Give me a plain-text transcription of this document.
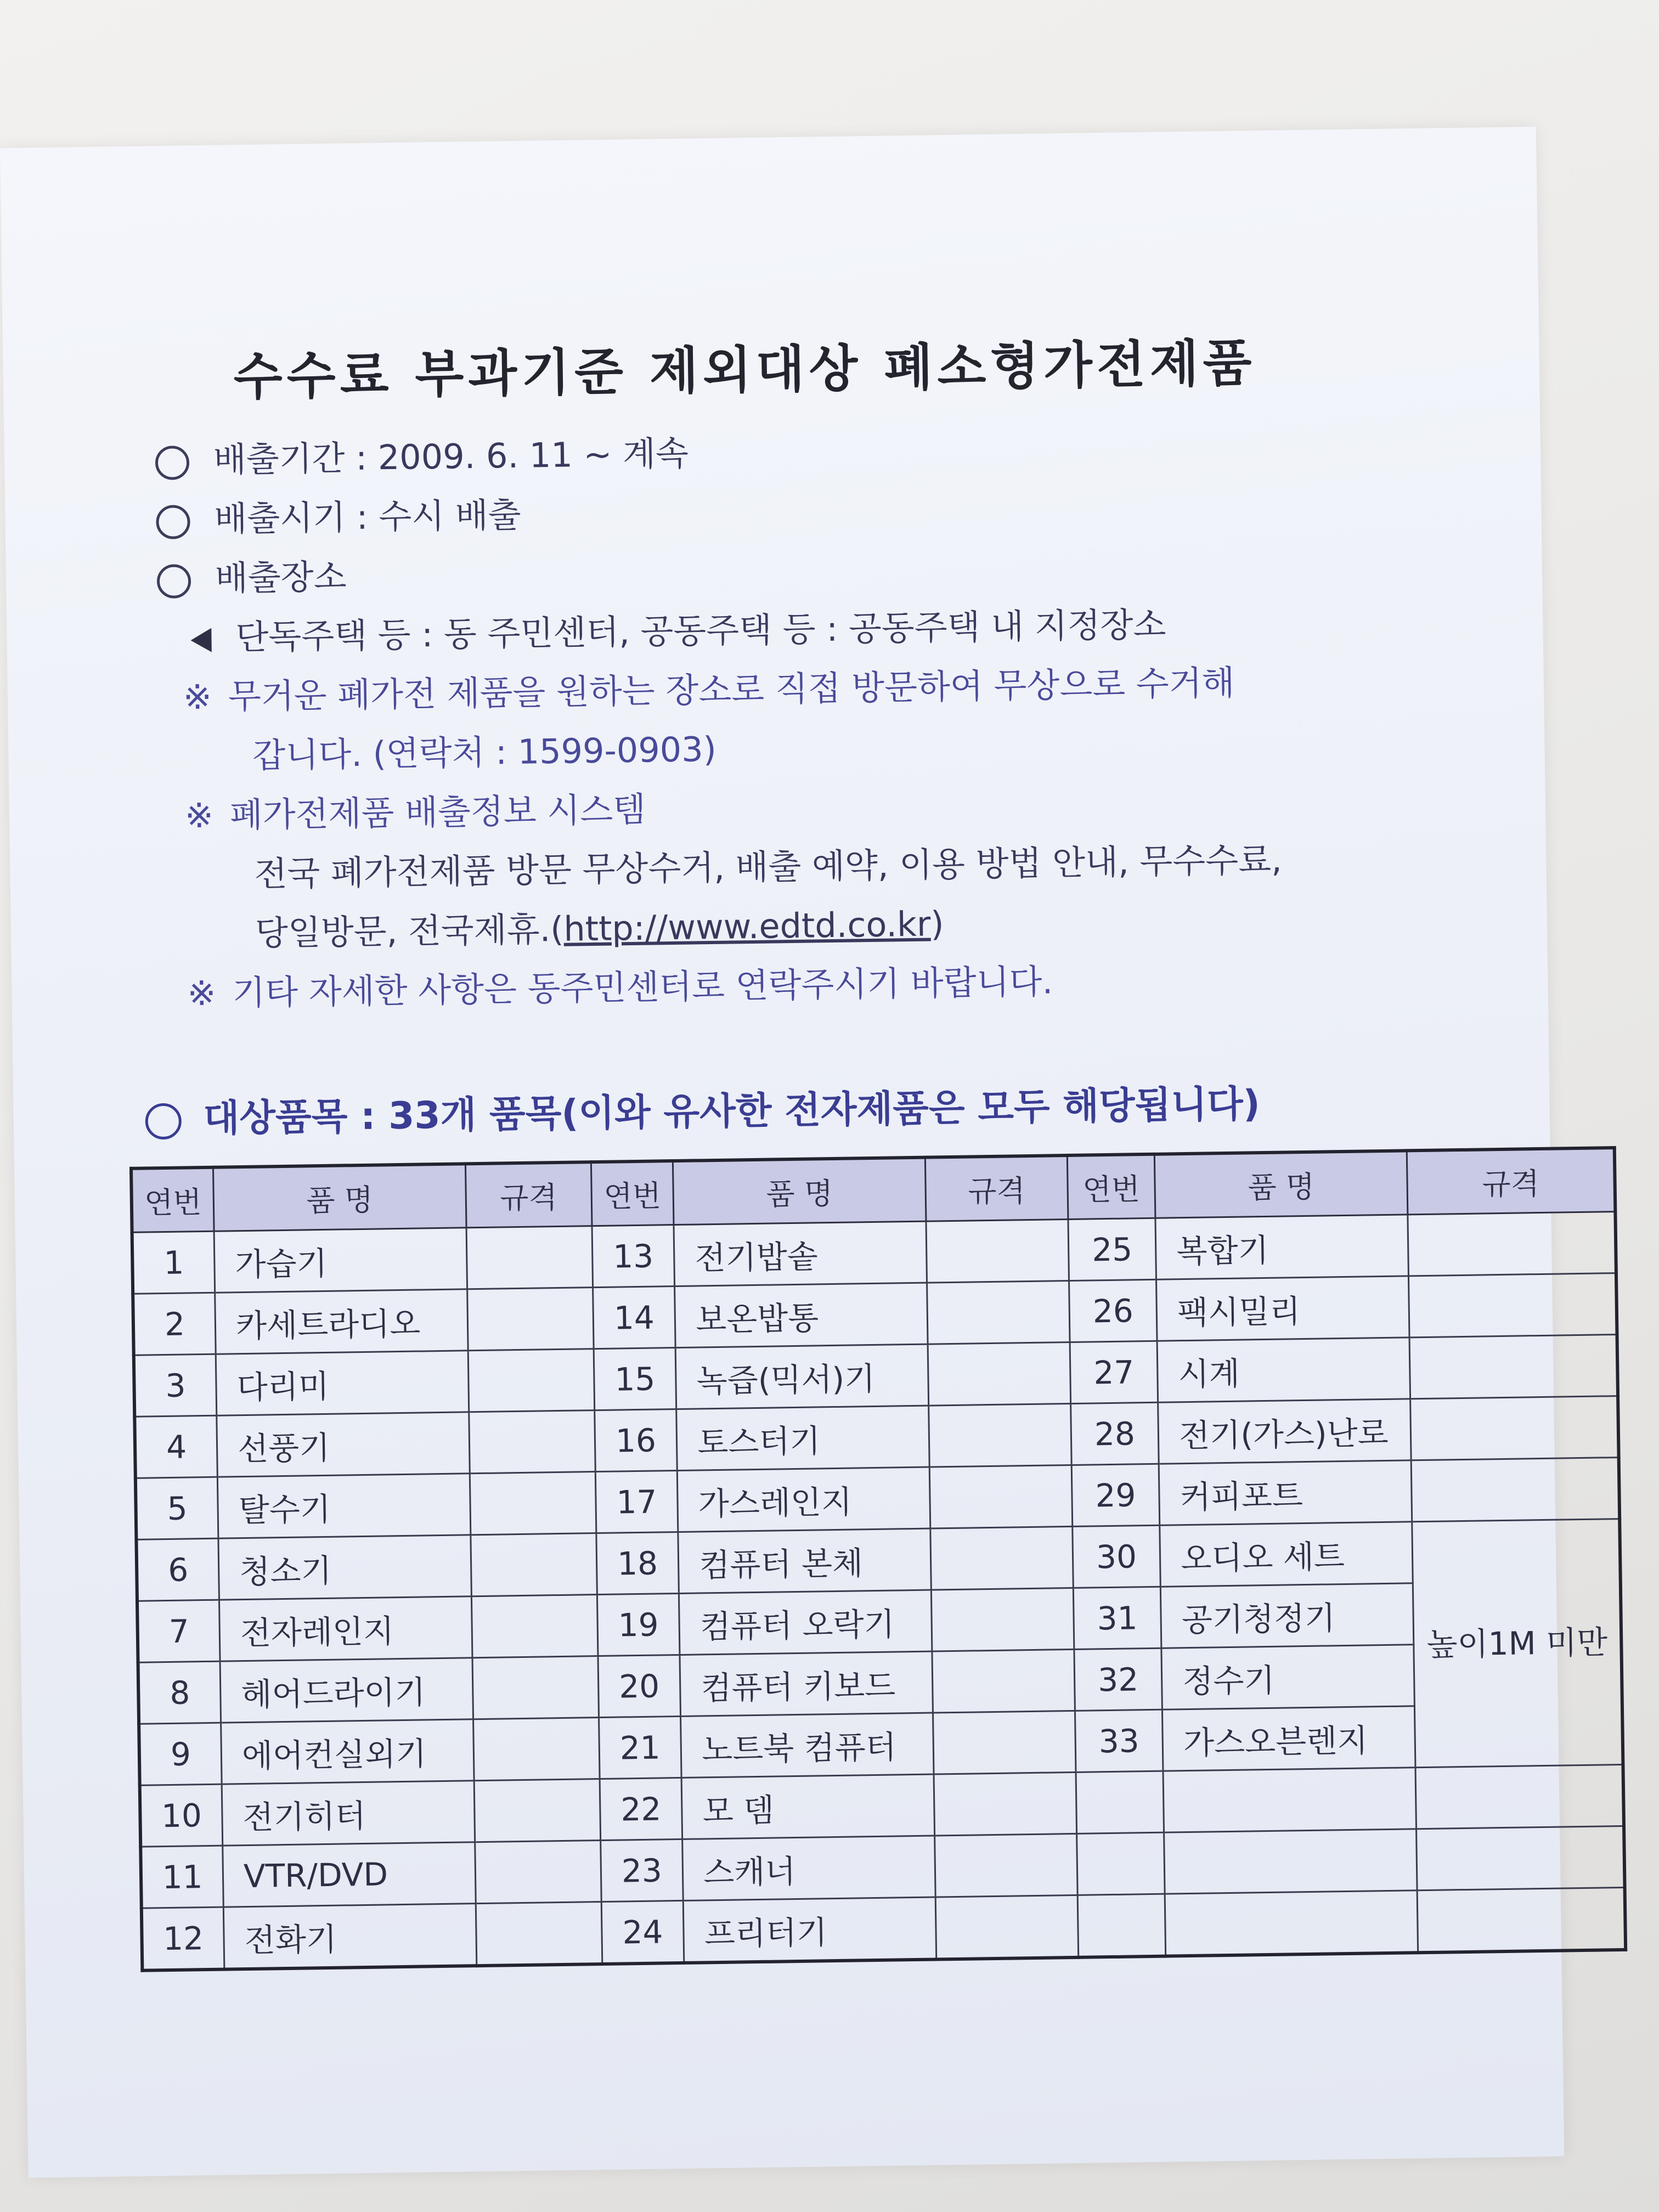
수수료 부과기준 제외대상 폐소형가전제품
배출기간 : 2009. 6. 11 ~ 계속
배출시기 : 수시 배출
배출장소
단독주택 등 : 동 주민센터, 공동주택 등 : 공동주택 내 지정장소
※ 무거운 폐가전 제품을 원하는 장소로 직접 방문하여 무상으로 수거해
갑니다. (연락처 : 1599-0903)
※ 폐가전제품 배출정보 시스템
전국 폐가전제품 방문 무상수거, 배출 예약, 이용 방법 안내, 무수수료,
당일방문, 전국제휴.(http://www.edtd.co.kr)
※ 기타 자세한 사항은 동주민센터로 연락주시기 바랍니다.
대상품목 : 33개 품목(이와 유사한 전자제품은 모두 해당됩니다)
연번	품 명	규격	연번	품 명	규격	연번	품 명	규격
1	가습기		13	전기밥솥		25	복합기	
2	카세트라디오		14	보온밥통		26	팩시밀리	
3	다리미		15	녹즙(믹서)기		27	시계	
4	선풍기		16	토스터기		28	전기(가스)난로	
5	탈수기		17	가스레인지		29	커피포트	
6	청소기		18	컴퓨터 본체		30	오디오 세트	높이1M 미만
7	전자레인지		19	컴퓨터 오락기		31	공기청정기	
8	헤어드라이기		20	컴퓨터 키보드		32	정수기	
9	에어컨실외기		21	노트북 컴퓨터		33	가스오븐렌지	
10	전기히터		22	모 뎀				
11	VTR/DVD		23	스캐너				
12	전화기		24	프리터기				
